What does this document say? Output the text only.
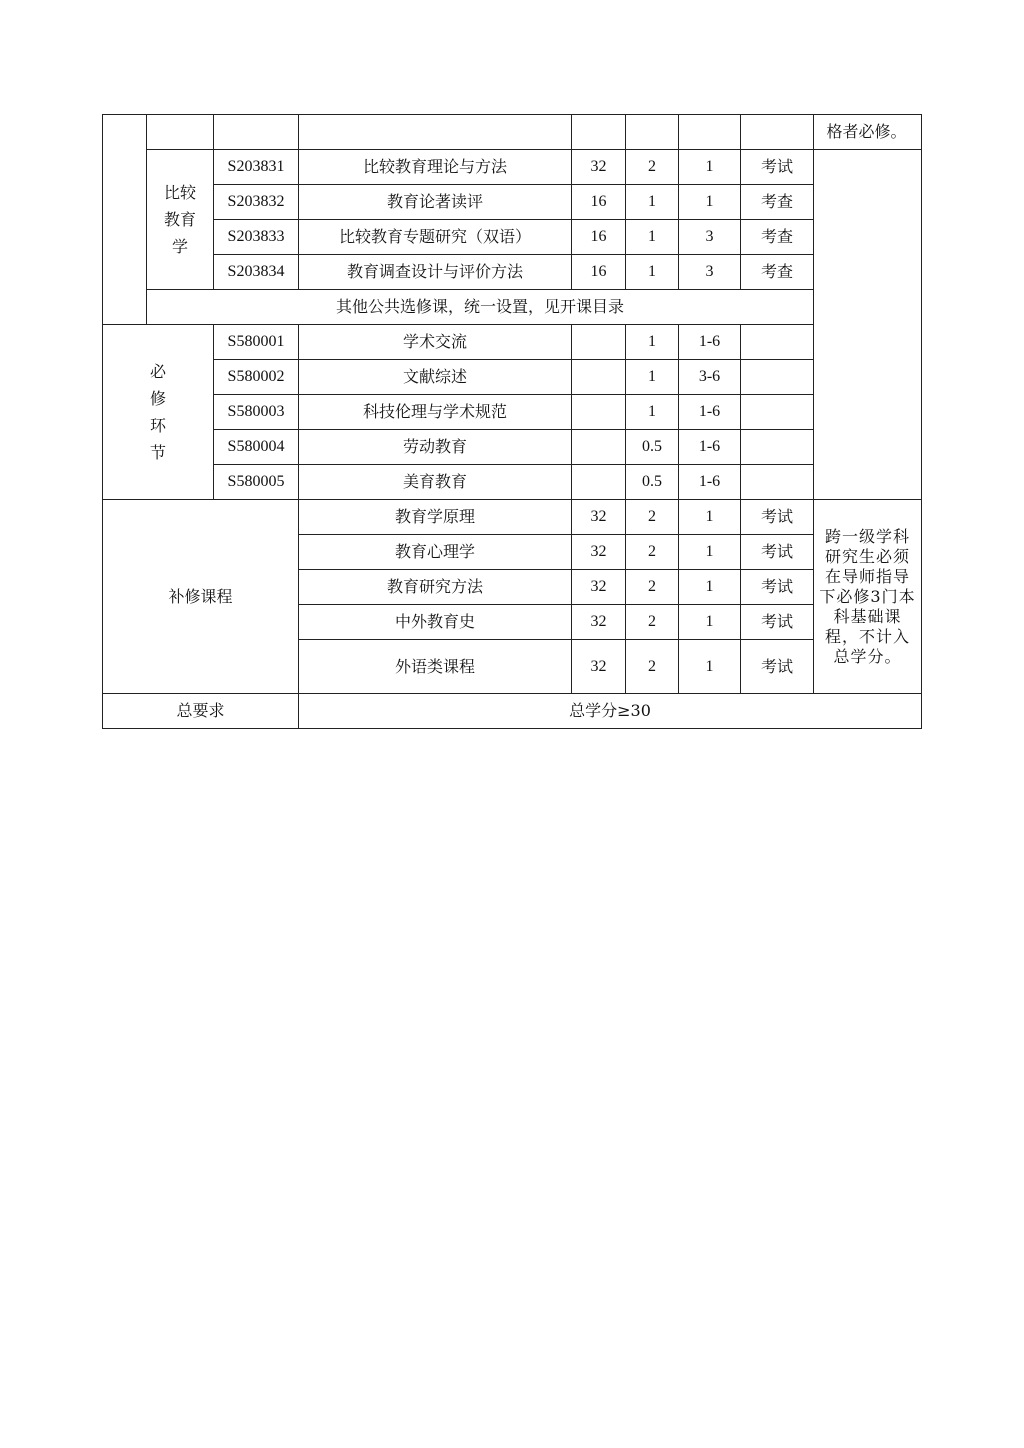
								格者必修。
	比较教育学	S203831	比较教育理论与方法	32	2	1	考试	
		S203832	教育论著读评	16	1	1	考查	
		S203833	比较教育专题研究（双语）	16	1	3	考查	
		S203834	教育调查设计与评价方法	16	1	3	考查	
	其他公共选修课，统一设置，见开课目录							
必修环节		S580001	学术交流		1	1-6		
		S580002	文献综述		1	3-6		
		S580003	科技伦理与学术规范		1	1-6		
		S580004	劳动教育		0.5	1-6		
		S580005	美育教育		0.5	1-6		
补修课程			教育学原理	32	2	1	考试	跨一级学科研究生必须在导师指导下必修3门本科基础课程，不计入总学分。
			教育心理学	32	2	1	考试	
			教育研究方法	32	2	1	考试	
			中外教育史	32	2	1	考试	
			外语类课程	32	2	1	考试	
总要求			总学分≥30					
